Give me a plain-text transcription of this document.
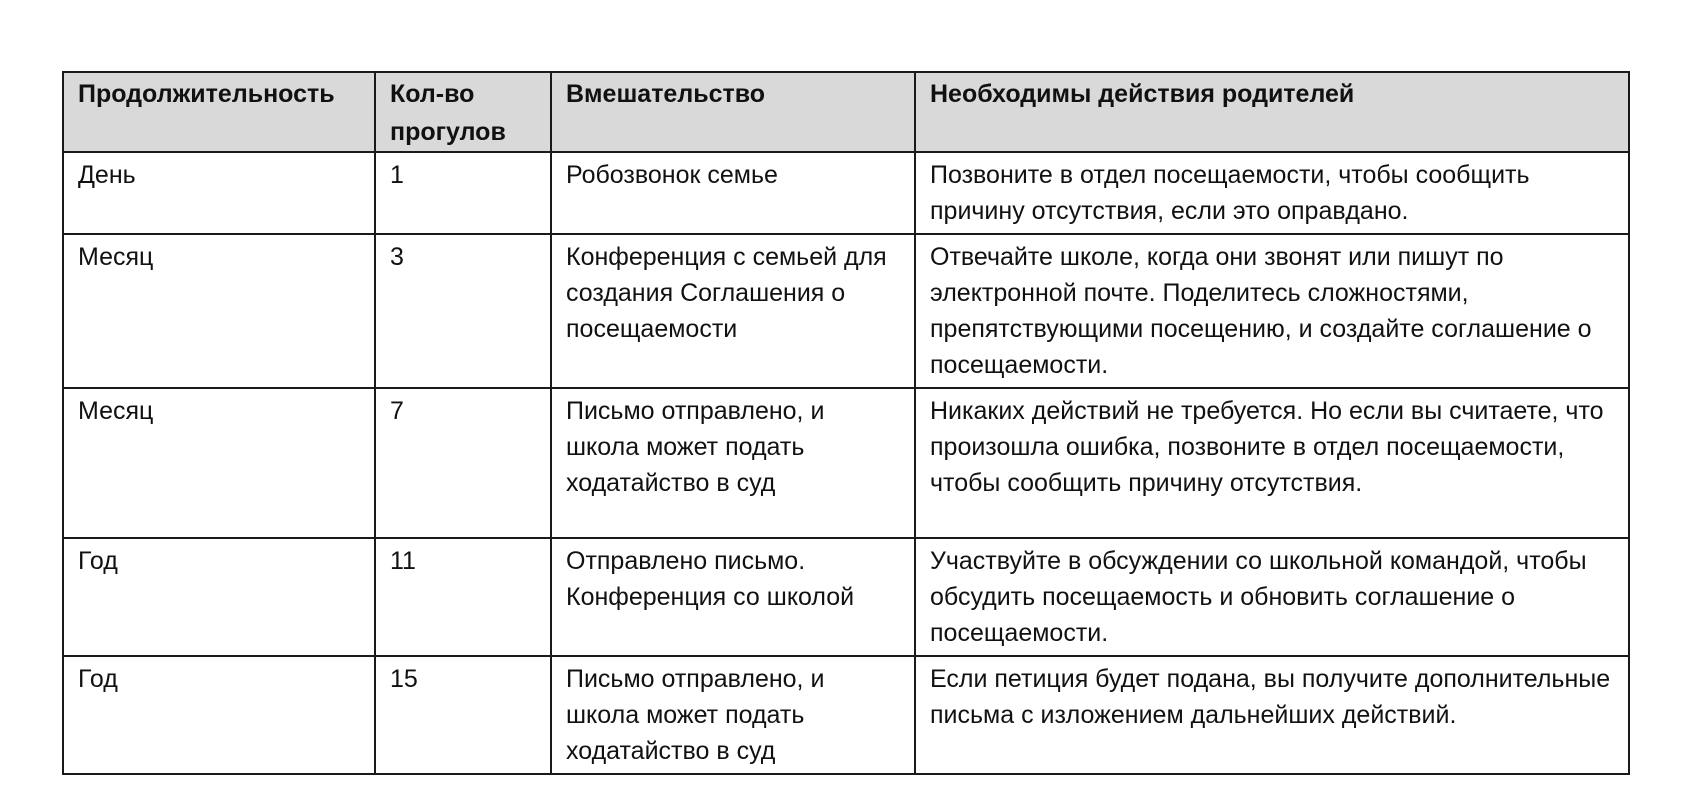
Продолжительность	Кол-во прогулов	Вмешательство	Необходимы действия родителей
День	1	Робозвонок семье	Позвоните в отдел посещаемости, чтобы сообщить причину отсутствия, если это оправдано.
Месяц	3	Конференция с семьей для создания Соглашения о посещаемости	Отвечайте школе, когда они звонят или пишут по электронной почте. Поделитесь сложностями, препятствующими посещению, и создайте соглашение о посещаемости.
Месяц	7	Письмо отправлено, и школа может подать ходатайство в суд	Никаких действий не требуется. Но если вы считаете, что произошла ошибка, позвоните в отдел посещаемости, чтобы сообщить причину отсутствия.
Год	11	Отправлено письмо. Конференция со школой	Участвуйте в обсуждении со школьной командой, чтобы обсудить посещаемость и обновить соглашение о посещаемости.
Год	15	Письмо отправлено, и школа может подать ходатайство в суд	Если петиция будет подана, вы получите дополнительные письма с изложением дальнейших действий.
